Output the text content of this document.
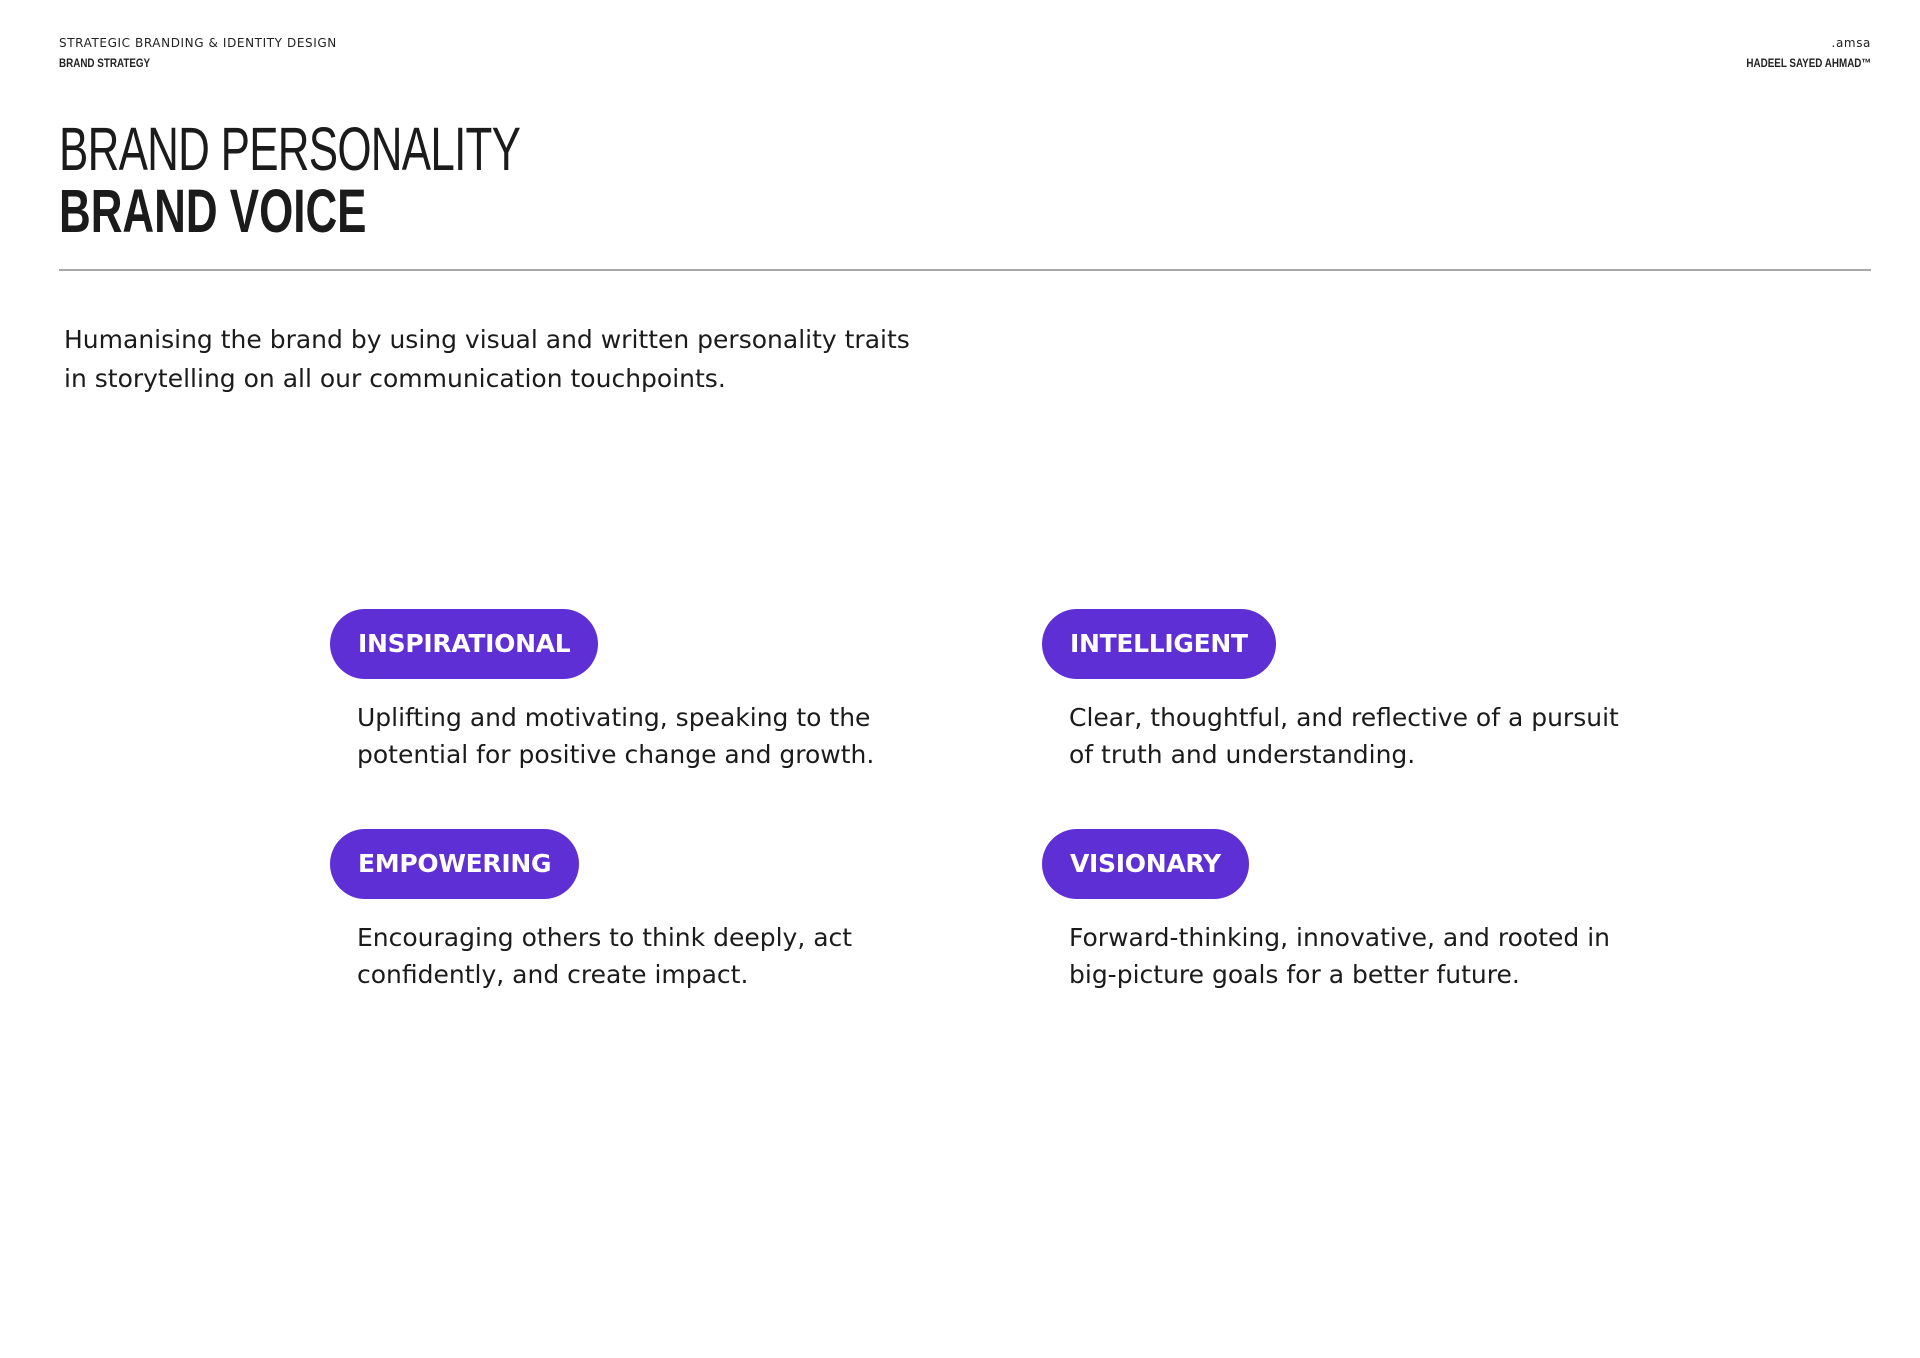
STRATEGIC BRANDING & IDENTITY DESIGN
BRAND STRATEGY
.amsa
HADEEL SAYED AHMAD™
BRAND PERSONALITY
BRAND VOICE
Humanising the brand by using visual and written personality traits in storytelling on all our communication touchpoints.
INSPIRATIONAL
Uplifting and motivating, speaking to the potential for positive change and growth.
INTELLIGENT
Clear, thoughtful, and reflective of a pursuit of truth and understanding.
EMPOWERING
Encouraging others to think deeply, act confidently, and create impact.
VISIONARY
Forward-thinking, innovative, and rooted in big-picture goals for a better future.
